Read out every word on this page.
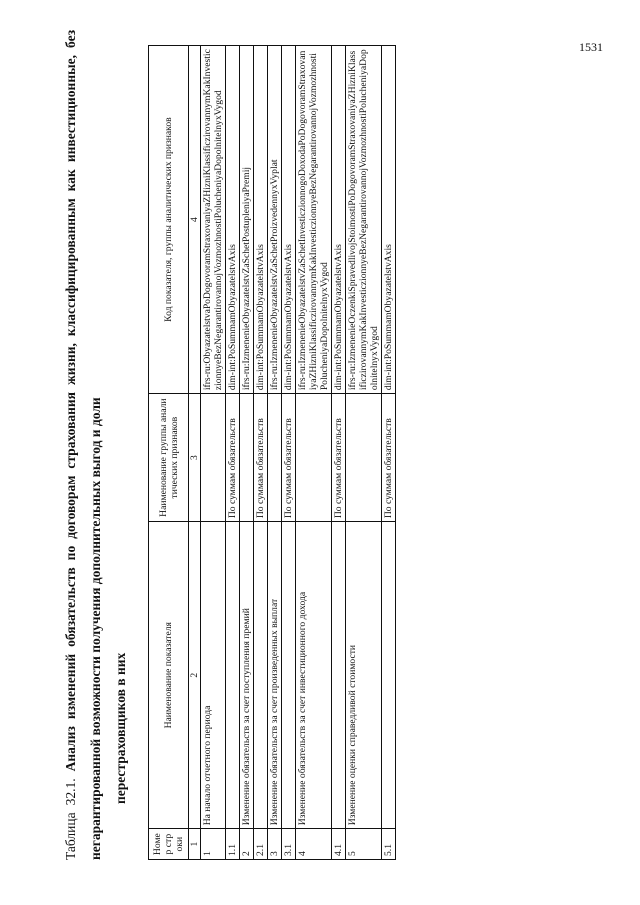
1531
Таблица 32.1. Анализ изменений обязательств по договорам страхования жизни, классифицированным как инвестиционные, без негарантированной возможности получения дополнительных выгод и доли перестраховщиков в них
Номер строки	Наименование показателя	Наименование группы аналитических признаков	Код показателя, группы аналитических признаков
1	2	3	4
1	На начало отчетного периода		ifrs-ru:ObyazatelstvaPoDogovoramStraxovaniyaZHizniKlassificzirovannymKakInvesticzionnyeBezNegarantirovannojVozmozhnostiPolucheniyaDopolnitelnyxVygod
1.1		По суммам обязательств	dim-int:PoSummamObyazatelstvAxis
2	Изменение обязательств за счет поступления премий		ifrs-ru:IzmenenieObyazatelstvZaSchetPostupleniyaPremij
2.1		По суммам обязательств	dim-int:PoSummamObyazatelstvAxis
3	Изменение обязательств за счет произведенных выплат		ifrs-ru:IzmenenieObyazatelstvZaSchetProizvedennyxVyplat
3.1		По суммам обязательств	dim-int:PoSummamObyazatelstvAxis
4	Изменение обязательств за счет инвестиционного дохода		ifrs-ru:IzmenenieObyazatelstvZaSchetInvesticzionnogoDoxodaPoDogovoramStraxovaniyaZHizniKlassificzirovannymKakInvesticzionnyeBezNegarantirovannojVozmozhnostiPolucheniyaDopolnitelnyxVygod
4.1		По суммам обязательств	dim-int:PoSummamObyazatelstvAxis
5	Изменение оценки справедливой стоимости		ifrs-ru:IzmenenieOczenkiSpravedlivojStoimostiPoDogovoramStraxovaniyaZHizniKlassificzirovannymKakInvesticzionnyeBezNegarantirovannojVozmozhnostiPolucheniyaDopolnitelnyxVygod
5.1		По суммам обязательств	dim-int:PoSummamObyazatelstvAxis
